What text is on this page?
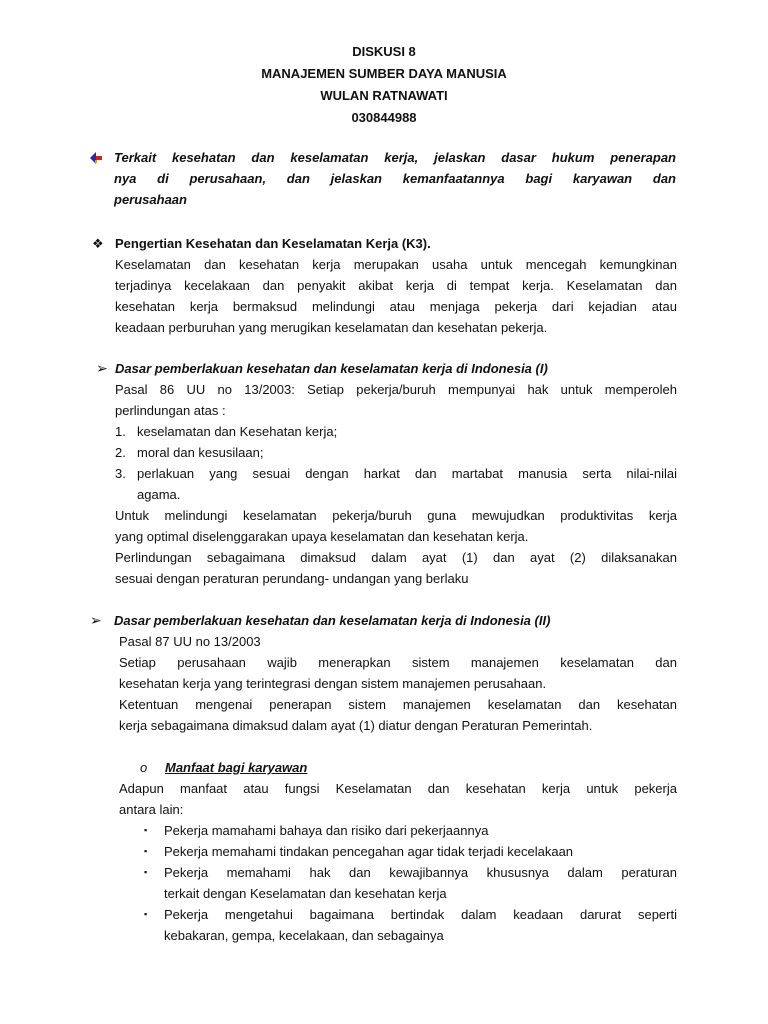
DISKUSI 8
MANAJEMEN SUMBER DAYA MANUSIA
WULAN RATNAWATI
030844988
Terkait kesehatan dan keselamatan kerja, jelaskan dasar hukum penerapan
nya di perusahaan, dan jelaskan kemanfaatannya bagi karyawan dan
perusahaan
❖ Pengertian Kesehatan dan Keselamatan Kerja (K3).
Keselamatan dan kesehatan kerja merupakan usaha untuk mencegah kemungkinan
terjadinya kecelakaan dan penyakit akibat kerja di tempat kerja. Keselamatan dan
kesehatan kerja bermaksud melindungi atau menjaga pekerja dari kejadian atau
keadaan perburuhan yang merugikan keselamatan dan kesehatan pekerja.
➢ Dasar pemberlakuan kesehatan dan keselamatan kerja di Indonesia (I)
Pasal 86 UU no 13/2003: Setiap pekerja/buruh mempunyai hak untuk memperoleh
perlindungan atas :
1. keselamatan dan Kesehatan kerja;
2. moral dan kesusilaan;
3. perlakuan yang sesuai dengan harkat dan martabat manusia serta nilai-nilai
agama.
Untuk melindungi keselamatan pekerja/buruh guna mewujudkan produktivitas kerja
yang optimal diselenggarakan upaya keselamatan dan kesehatan kerja.
Perlindungan sebagaimana dimaksud dalam ayat (1) dan ayat (2) dilaksanakan
sesuai dengan peraturan perundang- undangan yang berlaku
➢ Dasar pemberlakuan kesehatan dan keselamatan kerja di Indonesia (II)
Pasal 87 UU no 13/2003
Setiap perusahaan wajib menerapkan sistem manajemen keselamatan dan
kesehatan kerja yang terintegrasi dengan sistem manajemen perusahaan.
Ketentuan mengenai penerapan sistem manajemen keselamatan dan kesehatan
kerja sebagaimana dimaksud dalam ayat (1) diatur dengan Peraturan Pemerintah.
o Manfaat bagi karyawan
Adapun manfaat atau fungsi Keselamatan dan kesehatan kerja untuk pekerja
antara lain:
▪ Pekerja mamahami bahaya dan risiko dari pekerjaannya
▪ Pekerja memahami tindakan pencegahan agar tidak terjadi kecelakaan
▪ Pekerja memahami hak dan kewajibannya khususnya dalam peraturan
terkait dengan Keselamatan dan kesehatan kerja
▪ Pekerja mengetahui bagaimana bertindak dalam keadaan darurat seperti
kebakaran, gempa, kecelakaan, dan sebagainya
